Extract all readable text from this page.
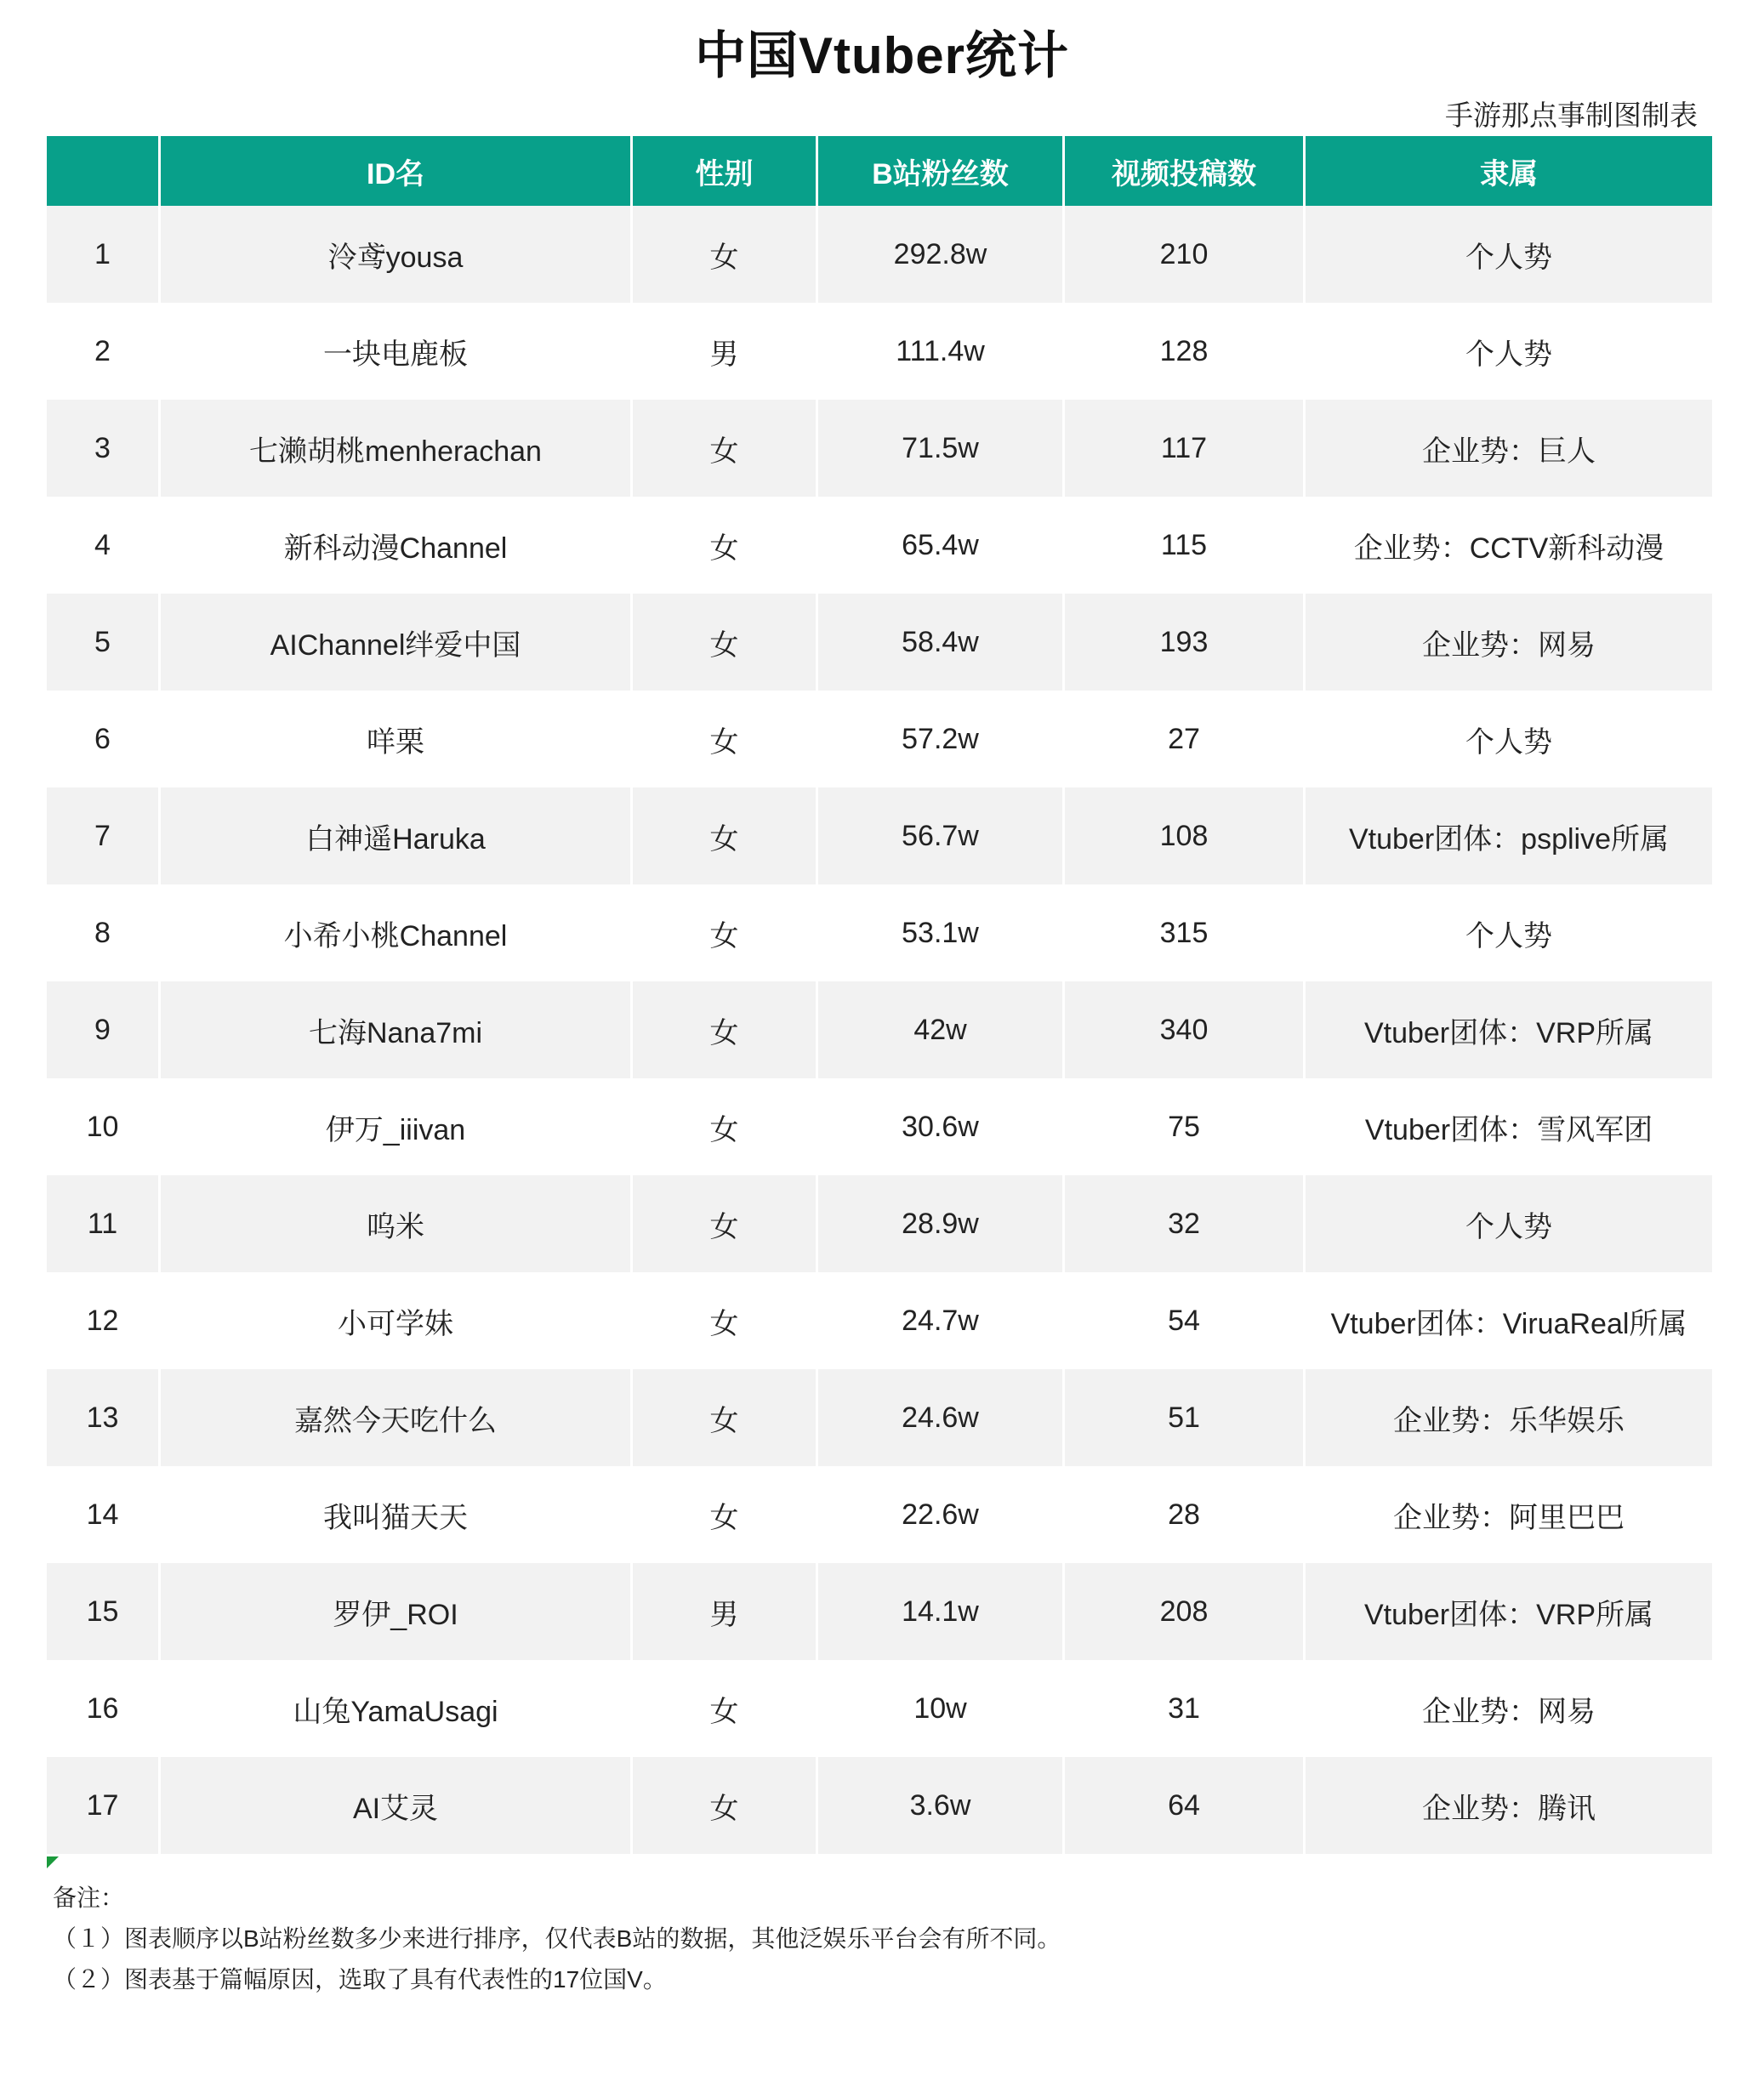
中国Vtuber统计
手游那点事制图制表
	ID名	性别	B站粉丝数	视频投稿数	隶属
1	泠鸢yousa	女	292.8w	210	个人势
2	一块电鹿板	男	111.4w	128	个人势
3	七濑胡桃menherachan	女	71.5w	117	企业势：巨人
4	新科动漫Channel	女	65.4w	115	企业势：CCTV新科动漫
5	AIChannel绊爱中国	女	58.4w	193	企业势：网易
6	咩栗	女	57.2w	27	个人势
7	白神遥Haruka	女	56.7w	108	Vtuber团体：psplive所属
8	小希小桃Channel	女	53.1w	315	个人势
9	七海Nana7mi	女	42w	340	Vtuber团体：VRP所属
10	伊万_iiivan	女	30.6w	75	Vtuber团体：雪风军团
11	呜米	女	28.9w	32	个人势
12	小可学妹	女	24.7w	54	Vtuber团体：ViruaReal所属
13	嘉然今天吃什么	女	24.6w	51	企业势：乐华娱乐
14	我叫猫天天	女	22.6w	28	企业势：阿里巴巴
15	罗伊_ROI	男	14.1w	208	Vtuber团体：VRP所属
16	山兔YamaUsagi	女	10w	31	企业势：网易
17	AI艾灵	女	3.6w	64	企业势：腾讯
备注：
（１）图表顺序以B站粉丝数多少来进行排序，仅代表B站的数据，其他泛娱乐平台会有所不同。
（２）图表基于篇幅原因，选取了具有代表性的17位国V。
